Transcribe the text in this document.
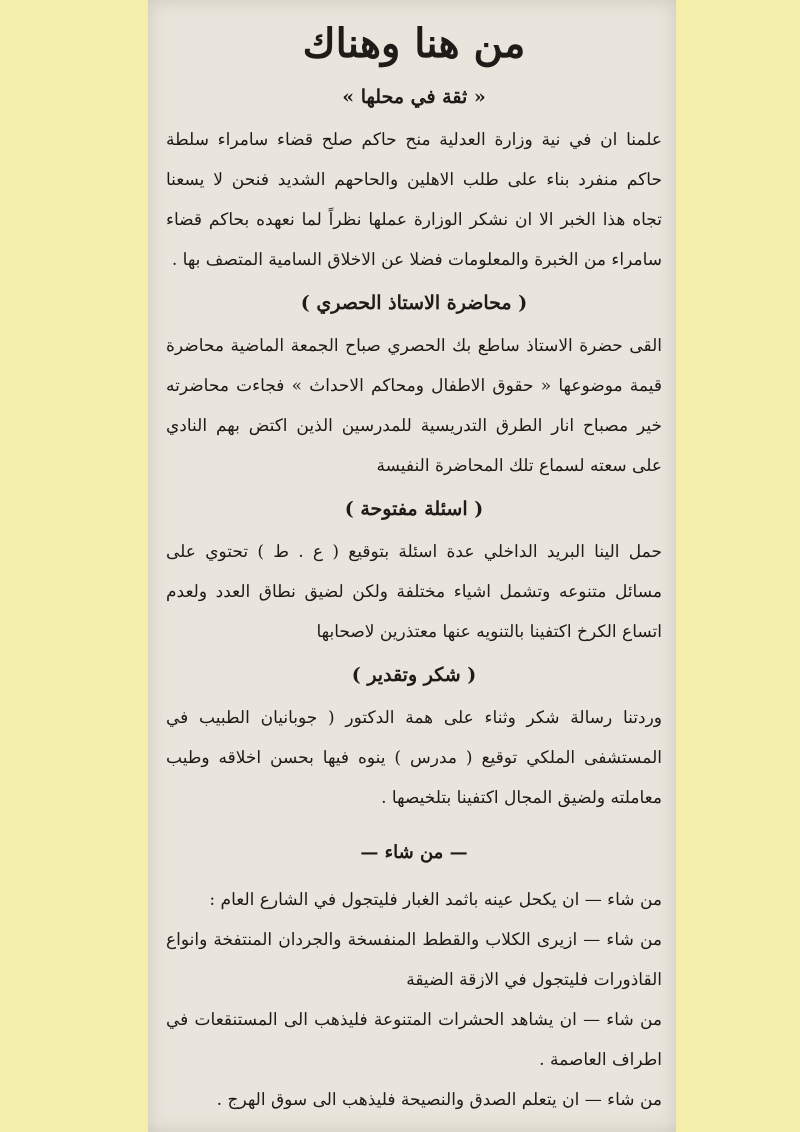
من هنا وهناك
« ثقة في محلها »

علمنا ان في نية وزارة العدلية منح حاكم صلح قضاء سامراء سلطة حاكم منفرد بناء على طلب الاهلين والحاحهم الشديد فنحن لا يسعنا تجاه هذا الخبر الا ان نشكر الوزارة عملها نظراً لما نعهده بحاكم قضاء سامراء من الخبرة والمعلومات فضلا عن الاخلاق السامية المتصف بها .

( محاضرة الاستاذ الحصري )

القى حضرة الاستاذ ساطع بك الحصري صباح الجمعة الماضية محاضرة قيمة موضوعها « حقوق الاطفال ومحاكم الاحداث » فجاءت محاضرته خير مصباح انار الطرق التدريسية للمدرسين الذين اكتض بهم النادي على سعته لسماع تلك المحاضرة النفيسة

( اسئلة مفتوحة )

حمل الينا البريد الداخلي عدة اسئلة بتوقيع ( ع . ط ) تحتوي على مسائل متنوعه وتشمل اشياء مختلفة ولكن لضيق نطاق العدد ولعدم اتساع الكرخ اكتفينا بالتنويه عنها معتذرين لاصحابها

( شكر وتقدير )

وردتنا رسالة شكر وثناء على همة الدكتور ( جوبانيان الطبيب في المستشفى الملكي توقيع ( مدرس ) ينوه فيها بحسن اخلاقه وطيب معاملته ولضيق المجال اكتفينا بتلخيصها .

— من شاء —

من شاء — ان يكحل عينه باثمد الغبار فليتجول في الشارع العام :

من شاء — ازيرى الكلاب والقطط المنفسخة والجردان المنتفخة وانواع القاذورات فليتجول في الازقة الضيقة

من شاء — ان يشاهد الحشرات المتنوعة فليذهب الى المستنقعات في اطراف العاصمة .

من شاء — ان يتعلم الصدق والنصيحة فليذهب الى سوق الهرج .
